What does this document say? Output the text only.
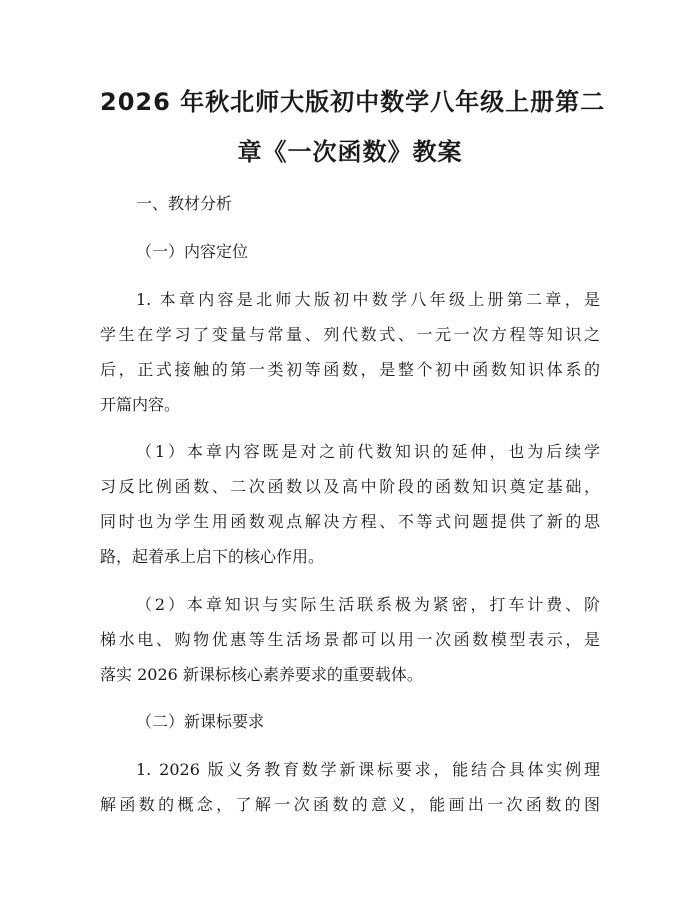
2026 年秋北师大版初中数学八年级上册第二
章《一次函数》教案
一、教材分析
（一）内容定位
1. 本章内容是北师大版初中数学八年级上册第二章，是
学生在学习了变量与常量、列代数式、一元一次方程等知识之
后，正式接触的第一类初等函数，是整个初中函数知识体系的
开篇内容。
（1）本章内容既是对之前代数知识的延伸，也为后续学
习反比例函数、二次函数以及高中阶段的函数知识奠定基础，
同时也为学生用函数观点解决方程、不等式问题提供了新的思
路，起着承上启下的核心作用。
（2）本章知识与实际生活联系极为紧密，打车计费、阶
梯水电、购物优惠等生活场景都可以用一次函数模型表示，是
落实 2026 新课标核心素养要求的重要载体。
（二）新课标要求
1. 2026 版义务教育数学新课标要求，能结合具体实例理
解函数的概念，了解一次函数的意义，能画出一次函数的图
